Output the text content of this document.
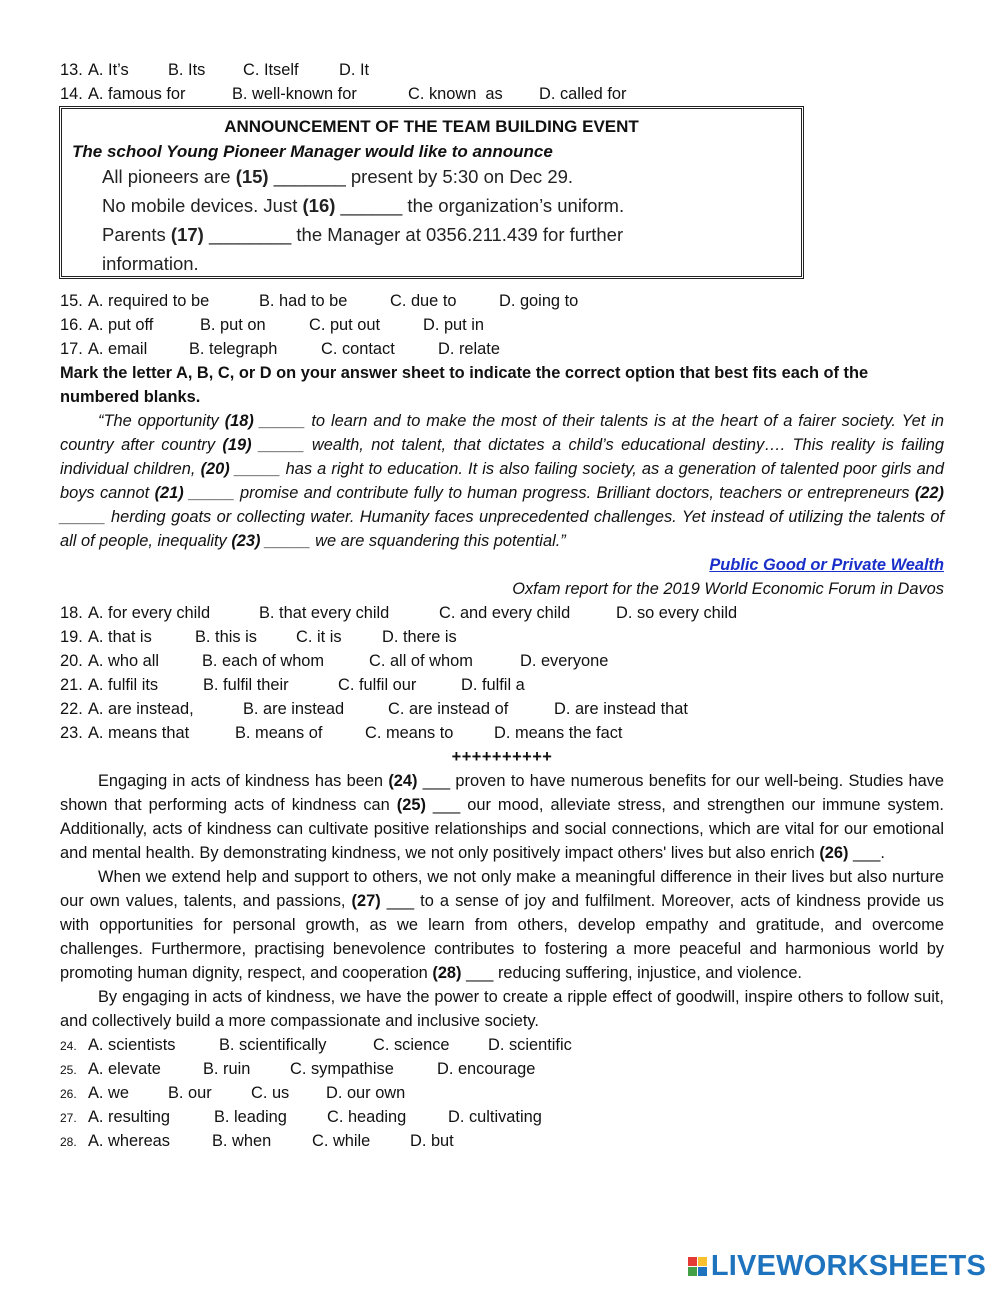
13. A. It’s B. Its C. Itself D. It
14. A. famous for	B. well-known for	C. known  as D. called for
15. A. required to be	B. had to be	C. due to	D. going to
16. A. put off	B. put on	C. put out	D. put in
17. A. email	B. telegraph	C. contact	D. relate
Mark the letter A, B, C, or D on your answer sheet to indicate the correct option that best fits each of the numbered blanks.
“The opportunity (18) _____ to learn and to make the most of their talents is at the heart of a fairer society. Yet in country after country (19) _____ wealth, not talent, that dictates a child’s educational destiny…. This reality is failing individual children, (20) _____ has a right to education. It is also failing society, as a generation of talented poor girls and boys cannot (21) _____ promise and contribute fully to human progress. Brilliant doctors, teachers or entrepreneurs (22) _____ herding goats or collecting water. Humanity faces unprecedented challenges. Yet instead of utilizing the talents of all of people, inequality (23) _____ we are squandering this potential.”
Public Good or Private Wealth
Oxfam report for the 2019 World Economic Forum in Davos
18. A. for every child	B. that every child	C. and every child	D. so every child
19. A. that is	B. this is C. it is D. there is
20. A. who all	B. each of whom	C. all of whom	D. everyone
21. A. fulfil its	B. fulfil their	C. fulfil our	D. fulfil a
22. A. are instead,	B. are instead	C. are instead of	D. are instead that
23. A. means that	B. means of	C. means to D. means the fact
++++++++++
Engaging in acts of kindness has been (24) ___ proven to have numerous benefits for our well-being. Studies have shown that performing acts of kindness can (25) ___ our mood, alleviate stress, and strengthen our immune system. Additionally, acts of kindness can cultivate positive relationships and social connections, which are vital for our emotional and mental health. By demonstrating kindness, we not only positively impact others' lives but also enrich (26) ___.
When we extend help and support to others, we not only make a meaningful difference in their lives but also nurture our own values, talents, and passions, (27) ___ to a sense of joy and fulfilment. Moreover, acts of kindness provide us with opportunities for personal growth, as we learn from others, develop empathy and gratitude, and overcome challenges. Furthermore, practising benevolence contributes to fostering a more peaceful and harmonious world by promoting human dignity, respect, and cooperation (28) ___ reducing suffering, injustice, and violence.
By engaging in acts of kindness, we have the power to create a ripple effect of goodwill, inspire others to follow suit, and collectively build a more compassionate and inclusive society.
24. A. scientists	B. scientifically	C. science D. scientific
25. A. elevate	B. ruin C. sympathise	D. encourage
26. A. we B. our C. us D. our own
27. A. resulting	B. leading C. heading	D. cultivating
28. A. whereas	B. when C. while D. but
ANNOUNCEMENT OF THE TEAM BUILDING EVENT
The school Young Pioneer Manager would like to announce
All pioneers are (15) _______ present by 5:30 on Dec 29.
No mobile devices. Just (16) ______ the organization’s uniform.
Parents (17) ________ the Manager at 0356.211.439 for further
information.
LIVEWORKSHEETS
